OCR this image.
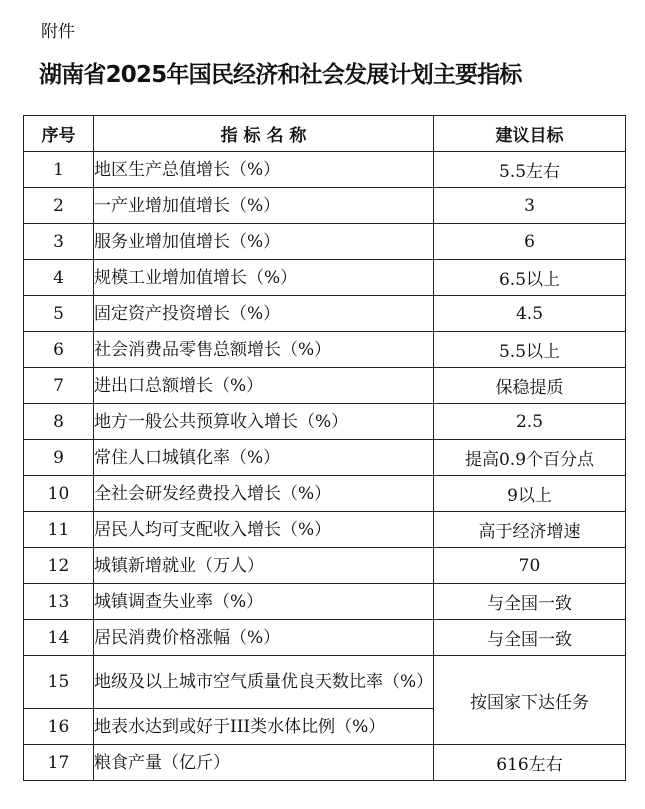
附件
湖南省2025年国民经济和社会发展计划主要指标
序号	指 标 名 称	建议目标
1	地区生产总值增长（%）	5.5左右
2	一产业增加值增长（%）	3
3	服务业增加值增长（%）	6
4	规模工业增加值增长（%）	6.5以上
5	固定资产投资增长（%）	4.5
6	社会消费品零售总额增长（%）	5.5以上
7	进出口总额增长（%）	保稳提质
8	地方一般公共预算收入增长（%）	2.5
9	常住人口城镇化率（%）	提高0.9个百分点
10	全社会研发经费投入增长（%）	9以上
11	居民人均可支配收入增长（%）	高于经济增速
12	城镇新增就业（万人）	70
13	城镇调查失业率（%）	与全国一致
14	居民消费价格涨幅（%）	与全国一致
15	地级及以上城市空气质量优良天数比率（%）	按国家下达任务
16	地表水达到或好于III类水体比例（%）	
17	粮食产量（亿斤）	616左右
